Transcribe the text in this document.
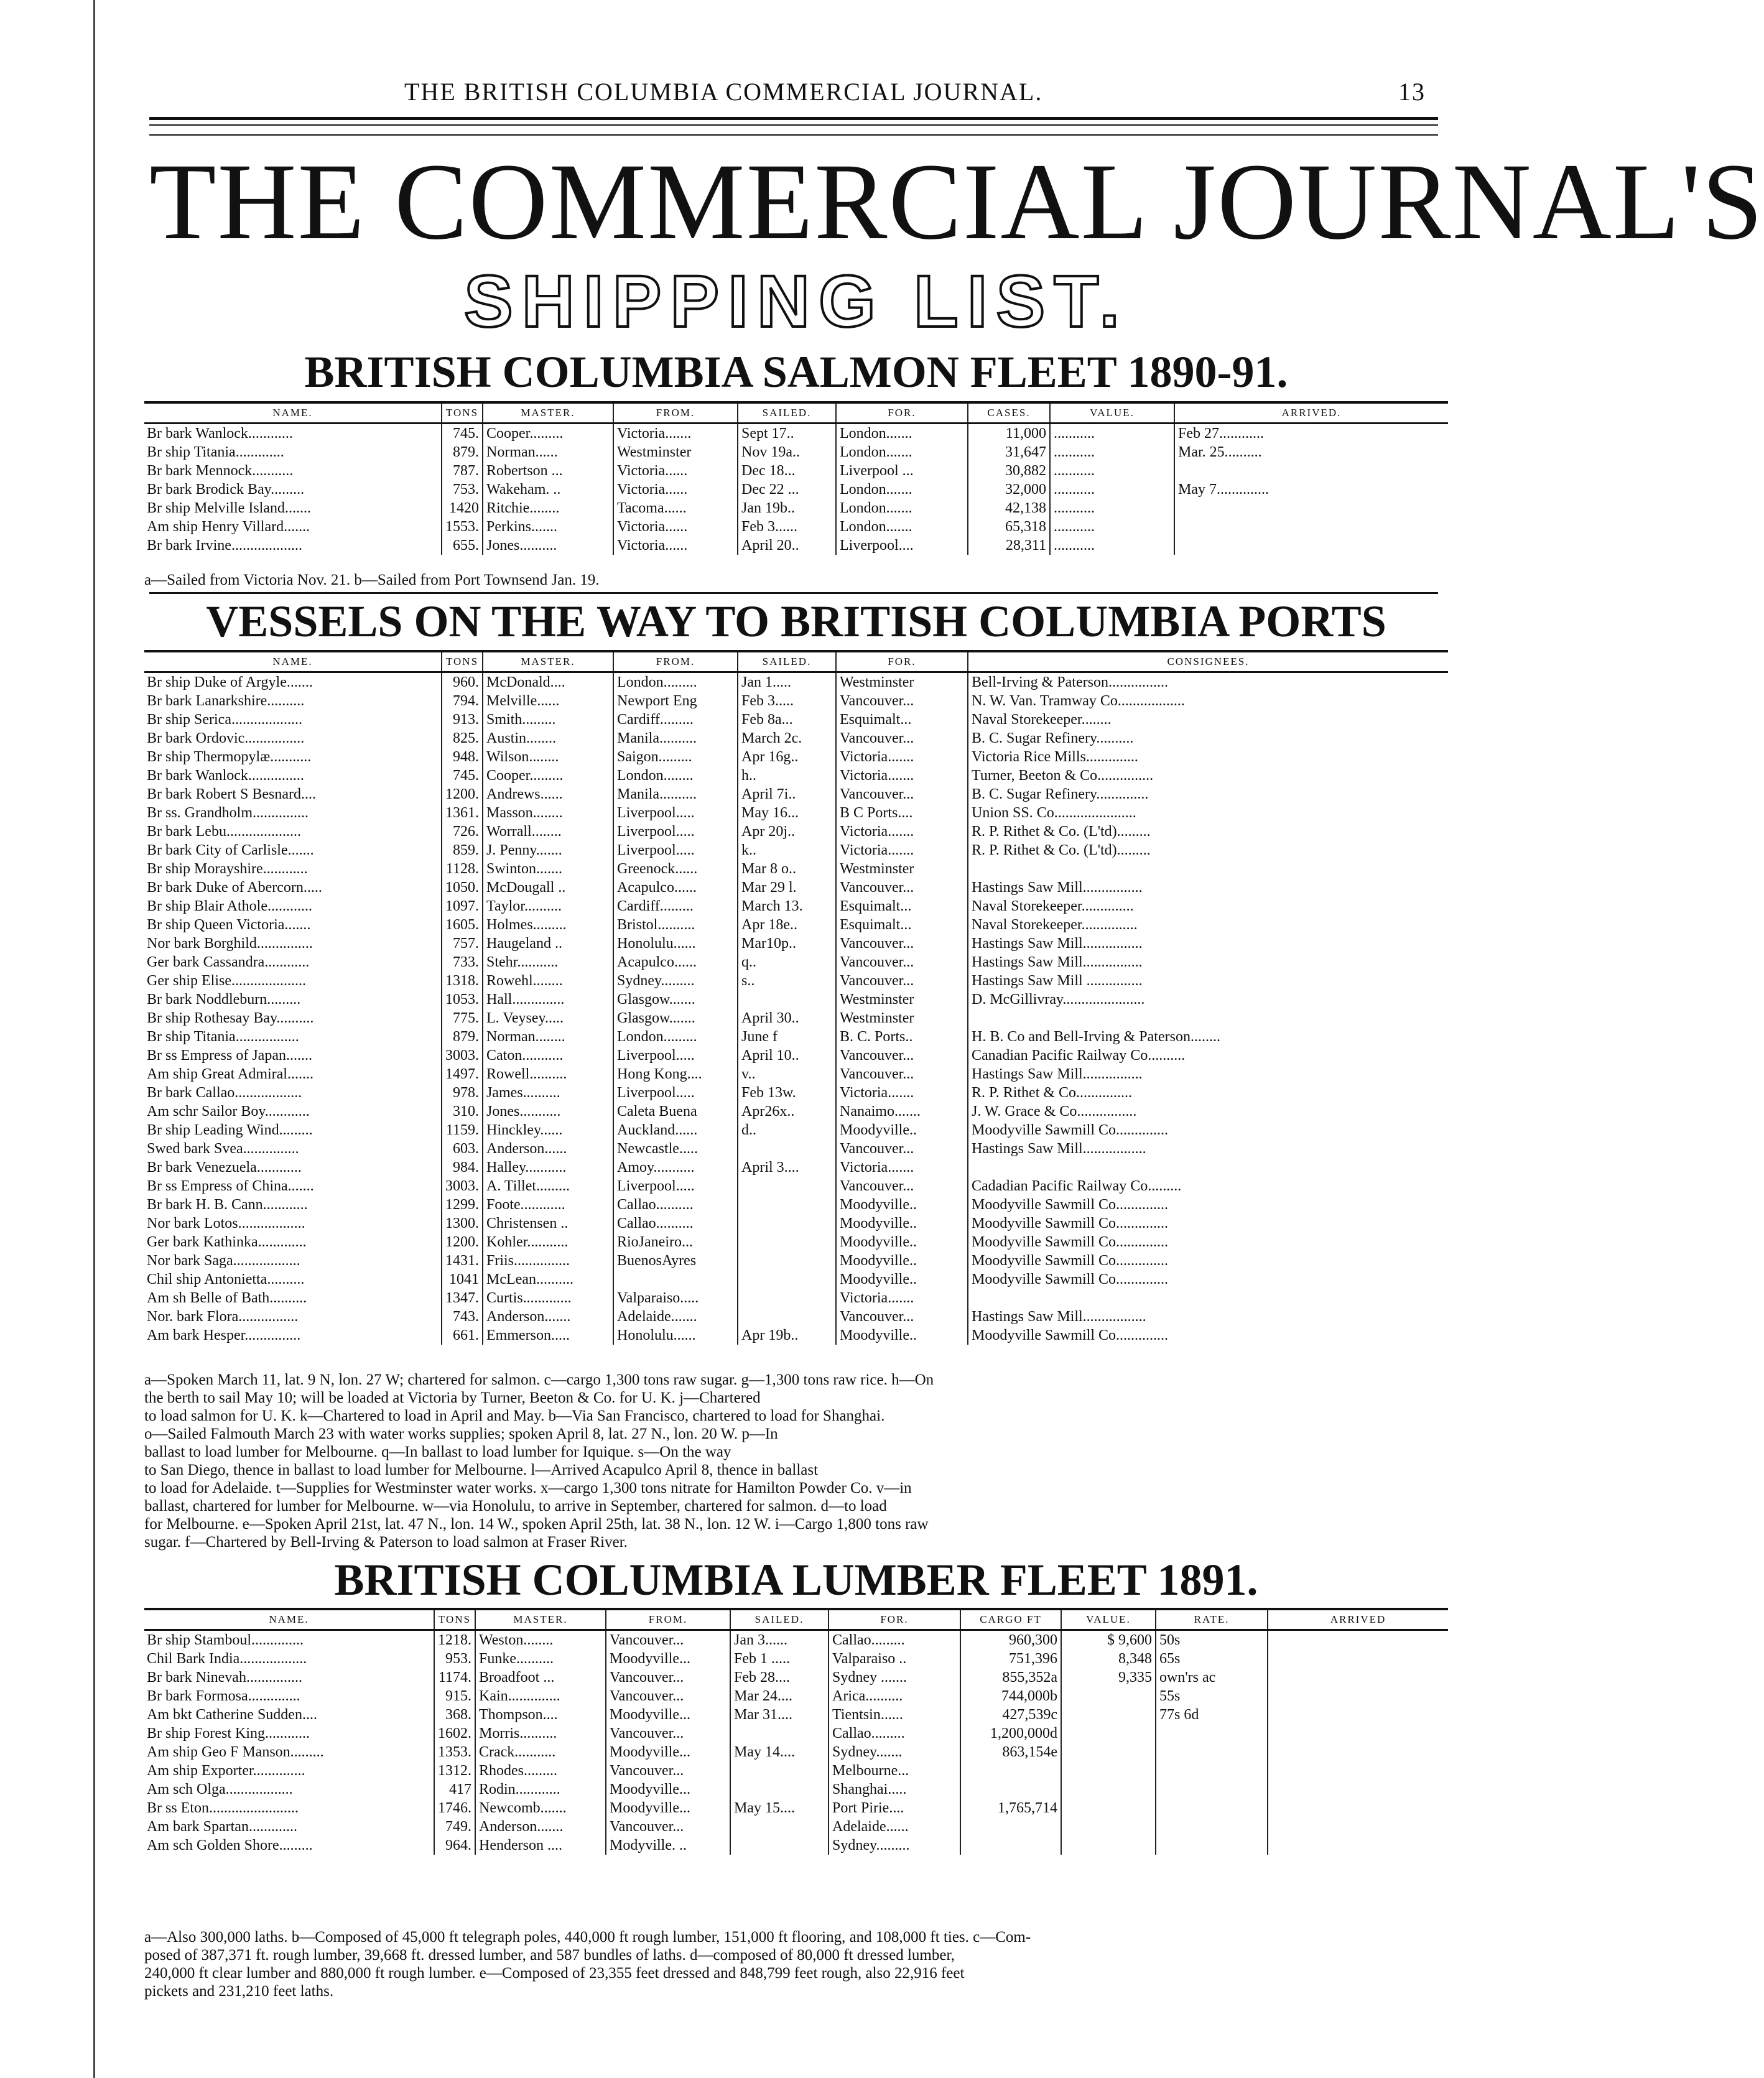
THE BRITISH COLUMBIA COMMERCIAL JOURNAL.	13
THE COMMERCIAL JOURNAL'S
SHIPPING LIST.
BRITISH COLUMBIA SALMON FLEET 1890-91.
NAME.	TONS	MASTER.	FROM.	SAILED.	FOR.	CASES.	VALUE.	ARRIVED.
Br bark Wanlock............	745.	Cooper.........	Victoria.......	Sept 17..	London.......	11,000	...........	Feb 27............
Br ship Titania.............	879.	Norman......	Westminster	Nov 19a..	London.......	31,647	...........	Mar. 25..........
Br bark Mennock...........	787.	Robertson ...	Victoria......	Dec 18...	Liverpool ...	30,882	...........	
Br bark Brodick Bay.........	753.	Wakeham. ..	Victoria......	Dec 22 ...	London.......	32,000	...........	May 7..............
Br ship Melville Island.......	1420	Ritchie........	Tacoma......	Jan 19b..	London.......	42,138	...........	
Am ship Henry Villard.......	1553.	Perkins.......	Victoria......	Feb 3......	London.......	65,318	...........	
Br bark Irvine...................	655.	Jones..........	Victoria......	April 20..	Liverpool....	28,311	...........	
a—Sailed from Victoria Nov. 21. b—Sailed from Port Townsend Jan. 19.
VESSELS ON THE WAY TO BRITISH COLUMBIA PORTS
NAME.	TONS	MASTER.	FROM.	SAILED.	FOR.	CONSIGNEES.
Br ship Duke of Argyle.......	960.	McDonald....	London.........	Jan 1.....	Westminster	Bell-Irving & Paterson................
Br bark Lanarkshire..........	794.	Melville......	Newport Eng	Feb 3.....	Vancouver...	N. W. Van. Tramway Co..................
Br ship Serica...................	913.	Smith.........	Cardiff.........	Feb 8a...	Esquimalt...	Naval Storekeeper........
Br bark Ordovic................	825.	Austin........	Manila..........	March 2c.	Vancouver...	B. C. Sugar Refinery..........
Br ship Thermopylæ...........	948.	Wilson........	Saigon.........	Apr 16g..	Victoria.......	Victoria Rice Mills..............
Br bark Wanlock...............	745.	Cooper.........	London........	h..	Victoria.......	Turner, Beeton & Co...............
Br bark Robert S Besnard....	1200.	Andrews......	Manila..........	April 7i..	Vancouver...	B. C. Sugar Refinery..............
Br ss. Grandholm...............	1361.	Masson........	Liverpool.....	May 16...	B C Ports....	Union SS. Co......................
Br bark Lebu....................	726.	Worrall........	Liverpool.....	Apr 20j..	Victoria.......	R. P. Rithet & Co. (L'td).........
Br bark City of Carlisle.......	859.	J. Penny.......	Liverpool.....	k..	Victoria.......	R. P. Rithet & Co. (L'td).........
Br ship Morayshire............	1128.	Swinton.......	Greenock......	Mar 8 o..	Westminster	
Br bark Duke of Abercorn.....	1050.	McDougall ..	Acapulco......	Mar 29 l.	Vancouver...	Hastings Saw Mill................
Br ship Blair Athole............	1097.	Taylor..........	Cardiff.........	March 13.	Esquimalt...	Naval Storekeeper..............
Br ship Queen Victoria.......	1605.	Holmes.........	Bristol..........	Apr 18e..	Esquimalt...	Naval Storekeeper...............
Nor bark Borghild...............	757.	Haugeland ..	Honolulu......	Mar10p..	Vancouver...	Hastings Saw Mill................
Ger bark Cassandra............	733.	Stehr...........	Acapulco......	q..	Vancouver...	Hastings Saw Mill................
Ger ship Elise....................	1318.	Rowehl........	Sydney.........	s..	Vancouver...	Hastings Saw Mill ...............
Br bark Noddleburn.........	1053.	Hall..............	Glasgow.......		Westminster	D. McGillivray......................
Br ship Rothesay Bay..........	775.	L. Veysey.....	Glasgow.......	April 30..	Westminster	
Br ship Titania.................	879.	Norman........	London.........	June f	B. C. Ports..	H. B. Co and Bell-Irving & Paterson........
Br ss Empress of Japan.......	3003.	Caton...........	Liverpool.....	April 10..	Vancouver...	Canadian Pacific Railway Co..........
Am ship Great Admiral.......	1497.	Rowell..........	Hong Kong....	v..	Vancouver...	Hastings Saw Mill................
Br bark Callao..................	978.	James..........	Liverpool.....	Feb 13w.	Victoria.......	R. P. Rithet & Co...............
Am schr Sailor Boy............	310.	Jones...........	Caleta Buena	Apr26x..	Nanaimo.......	J. W. Grace & Co................
Br ship Leading Wind.........	1159.	Hinckley......	Auckland......	d..	Moodyville..	Moodyville Sawmill Co..............
Swed bark Svea...............	603.	Anderson......	Newcastle.....		Vancouver...	Hastings Saw Mill.................
Br bark Venezuela............	984.	Halley...........	Amoy...........	April 3....	Victoria.......	
Br ss Empress of China.......	3003.	A. Tillet.........	Liverpool.....		Vancouver...	Cadadian Pacific Railway Co.........
Br bark H. B. Cann............	1299.	Foote............	Callao..........		Moodyville..	Moodyville Sawmill Co..............
Nor bark Lotos..................	1300.	Christensen ..	Callao..........		Moodyville..	Moodyville Sawmill Co..............
Ger bark Kathinka.............	1200.	Kohler...........	RioJaneiro...		Moodyville..	Moodyville Sawmill Co..............
Nor bark Saga..................	1431.	Friis...............	BuenosAyres		Moodyville..	Moodyville Sawmill Co..............
Chil ship Antonietta..........	1041	McLean..........			Moodyville..	Moodyville Sawmill Co..............
Am sh Belle of Bath..........	1347.	Curtis.............	Valparaiso.....		Victoria.......	
Nor. bark Flora................	743.	Anderson.......	Adelaide.......		Vancouver...	Hastings Saw Mill.................
Am bark Hesper...............	661.	Emmerson.....	Honolulu......	Apr 19b..	Moodyville..	Moodyville Sawmill Co..............
a—Spoken March 11, lat. 9 N, lon. 27 W; chartered for salmon. c—cargo 1,300 tons raw sugar. g—1,300 tons raw rice. h—On
the berth to sail May 10; will be loaded at Victoria by Turner, Beeton & Co. for U. K. j—Chartered
to load salmon for U. K. k—Chartered to load in April and May. b—Via San Francisco, chartered to load for Shanghai.
o—Sailed Falmouth March 23 with water works supplies; spoken April 8, lat. 27 N., lon. 20 W. p—In
ballast to load lumber for Melbourne. q—In ballast to load lumber for Iquique. s—On the way
to San Diego, thence in ballast to load lumber for Melbourne. l—Arrived Acapulco April 8, thence in ballast
to load for Adelaide. t—Supplies for Westminster water works. x—cargo 1,300 tons nitrate for Hamilton Powder Co. v—in
ballast, chartered for lumber for Melbourne. w—via Honolulu, to arrive in September, chartered for salmon. d—to load
for Melbourne. e—Spoken April 21st, lat. 47 N., lon. 14 W., spoken April 25th, lat. 38 N., lon. 12 W. i—Cargo 1,800 tons raw
sugar. f—Chartered by Bell-Irving & Paterson to load salmon at Fraser River.
BRITISH COLUMBIA LUMBER FLEET 1891.
NAME.	TONS	MASTER.	FROM.	SAILED.	FOR.	CARGO FT	VALUE.	RATE.	ARRIVED
Br ship Stamboul..............	1218.	Weston........	Vancouver...	Jan 3......	Callao.........	960,300	$ 9,600	50s	
Chil Bark India..................	953.	Funke..........	Moodyville...	Feb 1 .....	Valparaiso ..	751,396	8,348	65s	
Br bark Ninevah...............	1174.	Broadfoot ...	Vancouver...	Feb 28....	Sydney .......	855,352a	9,335	own'rs ac	
Br bark Formosa..............	915.	Kain..............	Vancouver...	Mar 24....	Arica..........	744,000b		55s	
Am bkt Catherine Sudden....	368.	Thompson....	Moodyville...	Mar 31....	Tientsin......	427,539c		77s 6d	
Br ship Forest King............	1602.	Morris..........	Vancouver...		Callao.........	1,200,000d			
Am ship Geo F Manson.........	1353.	Crack...........	Moodyville...	May 14....	Sydney.......	863,154e			
Am ship Exporter..............	1312.	Rhodes.........	Vancouver...		Melbourne...				
Am sch Olga..................	417	Rodin............	Moodyville...		Shanghai.....				
Br ss Eton........................	1746.	Newcomb.......	Moodyville...	May 15....	Port Pirie....	1,765,714			
Am bark Spartan.............	749.	Anderson.......	Vancouver...		Adelaide......				
Am sch Golden Shore.........	964.	Henderson ....	Modyville. ..		Sydney.........				
a—Also 300,000 laths. b—Composed of 45,000 ft telegraph poles, 440,000 ft rough lumber, 151,000 ft flooring, and 108,000 ft ties. c—Com-
posed of 387,371 ft. rough lumber, 39,668 ft. dressed lumber, and 587 bundles of laths. d—composed of 80,000 ft dressed lumber,
240,000 ft clear lumber and 880,000 ft rough lumber. e—Composed of 23,355 feet dressed and 848,799 feet rough, also 22,916 feet
pickets and 231,210 feet laths.
